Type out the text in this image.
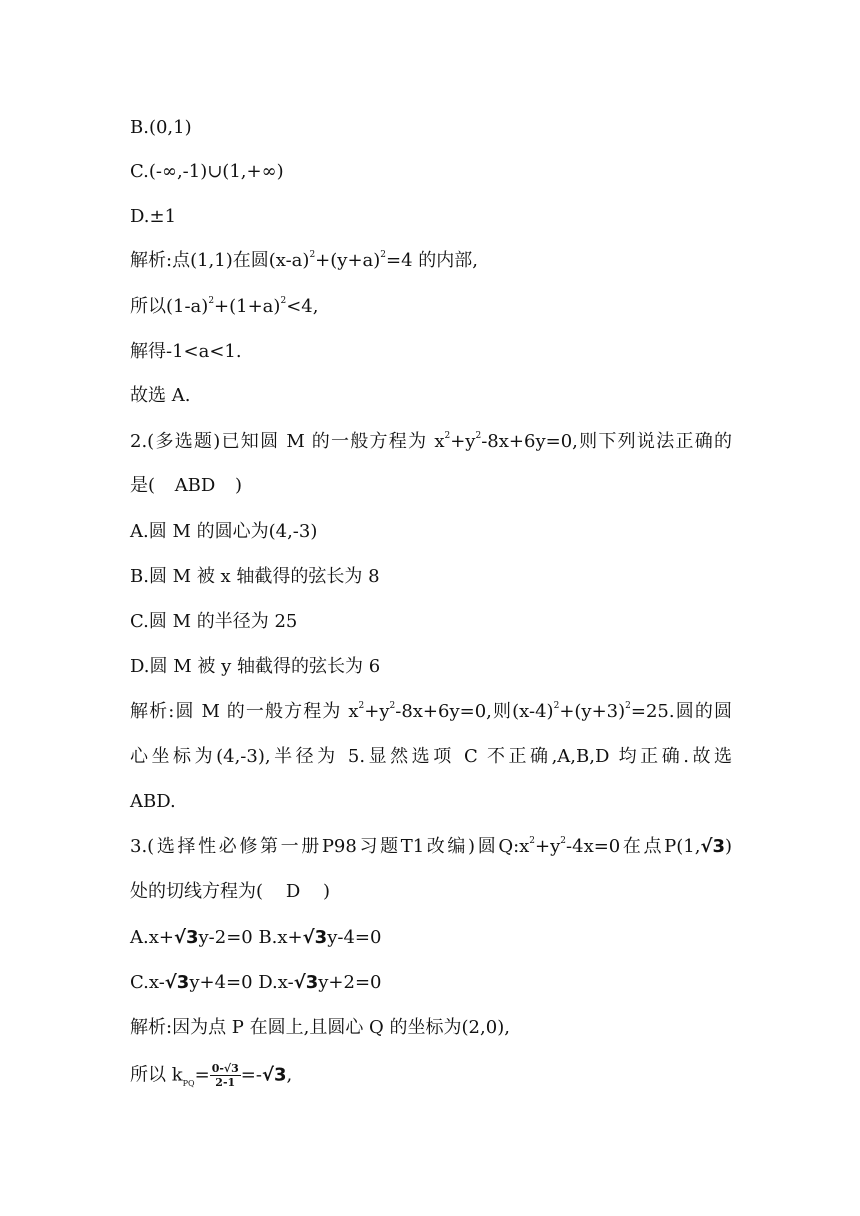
B.(0,1)
C.(-∞,-1)∪(1,+∞)
D.±1
解析:点(1,1)在圆$(x-a)^2+(y+a)^2=4$ 的内部,
所以$(1-a)^2+(1+a)^2<4$,
解得-1<a<1.
故选 A.
2.(多选题)已知圆 M 的一般方程为 $x^2+y^2-8x+6y=0$,则下列说法正确的
是( ABD )
A.圆 M 的圆心为(4,-3)
B.圆 M 被 x 轴截得的弦长为 8
C.圆 M 的半径为 25
D.圆 M 被 y 轴截得的弦长为 6
解析:圆 M 的一般方程为 $x^2+y^2-8x+6y=0$,则$(x-4)^2+(y+3)^2=25$.圆的圆
心坐标为(4,-3),半径为 5.显然选项 C 不正确,A,B,D 均正确.故选
ABD.
3.(选择性必修第一册P98习题T1改编)圆$Q:x^2+y^2-4x=0$在点P(1,√3)
处的切线方程为( D )
A.x+√3y-2=0 B.x+√3y-4=0
C.x-√3y+4=0 D.x-√3y+2=0
解析:因为点 P 在圆上,且圆心 Q 的坐标为(2,0),
所以 $k_{PQ}= \frac{0-√3}{2-1} =-√3$,
